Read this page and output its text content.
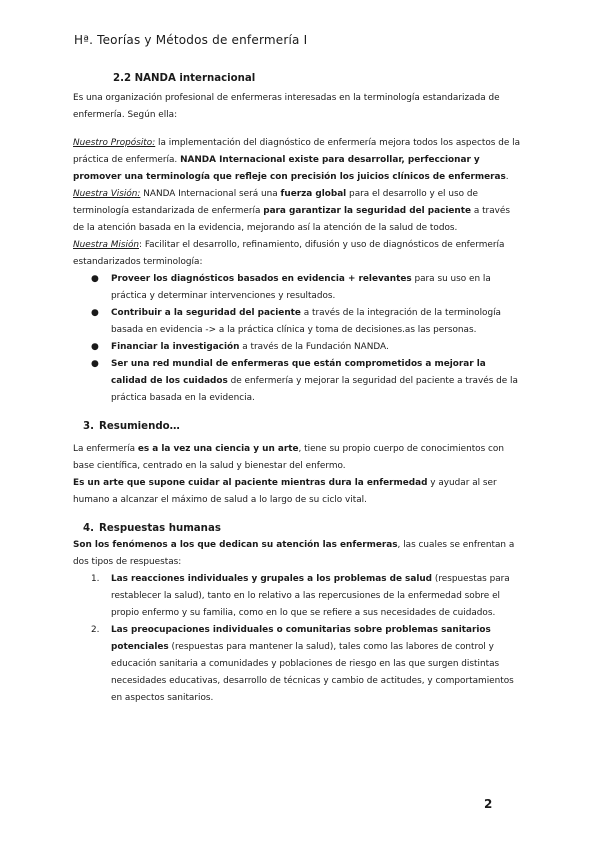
Hª. Teorías y Métodos de enfermería I
2.2 NANDA internacional

Es una organización profesional de enfermeras interesadas en la terminología estandarizada de enfermería. Según ella:

Nuestro Propósito: la implementación del diagnóstico de enfermería mejora todos los aspectos de la práctica de enfermería. NANDA Internacional existe para desarrollar, perfeccionar y promover una terminología que refleje con precisión los juicios clínicos de enfermeras.

Nuestra Visión: NANDA Internacional será una fuerza global para el desarrollo y el uso de terminología estandarizada de enfermería para garantizar la seguridad del paciente a través de la atención basada en la evidencia, mejorando así la atención de la salud de todos.

Nuestra Misión: Facilitar el desarrollo, refinamiento, difusión y uso de diagnósticos de enfermería estandarizados terminología:

● Proveer los diagnósticos basados en evidencia + relevantes para su uso en la práctica y determinar intervenciones y resultados.
● Contribuir a la seguridad del paciente a través de la integración de la terminología basada en evidencia -> a la práctica clínica y toma de decisiones.as las personas.
● Financiar la investigación a través de la Fundación NANDA.
● Ser una red mundial de enfermeras que están comprometidos a mejorar la calidad de los cuidados de enfermería y mejorar la seguridad del paciente a través de la práctica basada en la evidencia.
3. Resumiendo…

La enfermería es a la vez una ciencia y un arte, tiene su propio cuerpo de conocimientos con base científica, centrado en la salud y bienestar del enfermo.

Es un arte que supone cuidar al paciente mientras dura la enfermedad y ayudar al ser humano a alcanzar el máximo de salud a lo largo de su ciclo vital.

4. Respuestas humanas

Son los fenómenos a los que dedican su atención las enfermeras, las cuales se enfrentan a dos tipos de respuestas:

1. Las reacciones individuales y grupales a los problemas de salud (respuestas para restablecer la salud), tanto en lo relativo a las repercusiones de la enfermedad sobre el propio enfermo y su familia, como en lo que se refiere a sus necesidades de cuidados.
2. Las preocupaciones individuales o comunitarias sobre problemas sanitarios potenciales (respuestas para mantener la salud), tales como las labores de control y educación sanitaria a comunidades y poblaciones de riesgo en las que surgen distintas necesidades educativas, desarrollo de técnicas y cambio de actitudes, y comportamientos en aspectos sanitarios.
2
